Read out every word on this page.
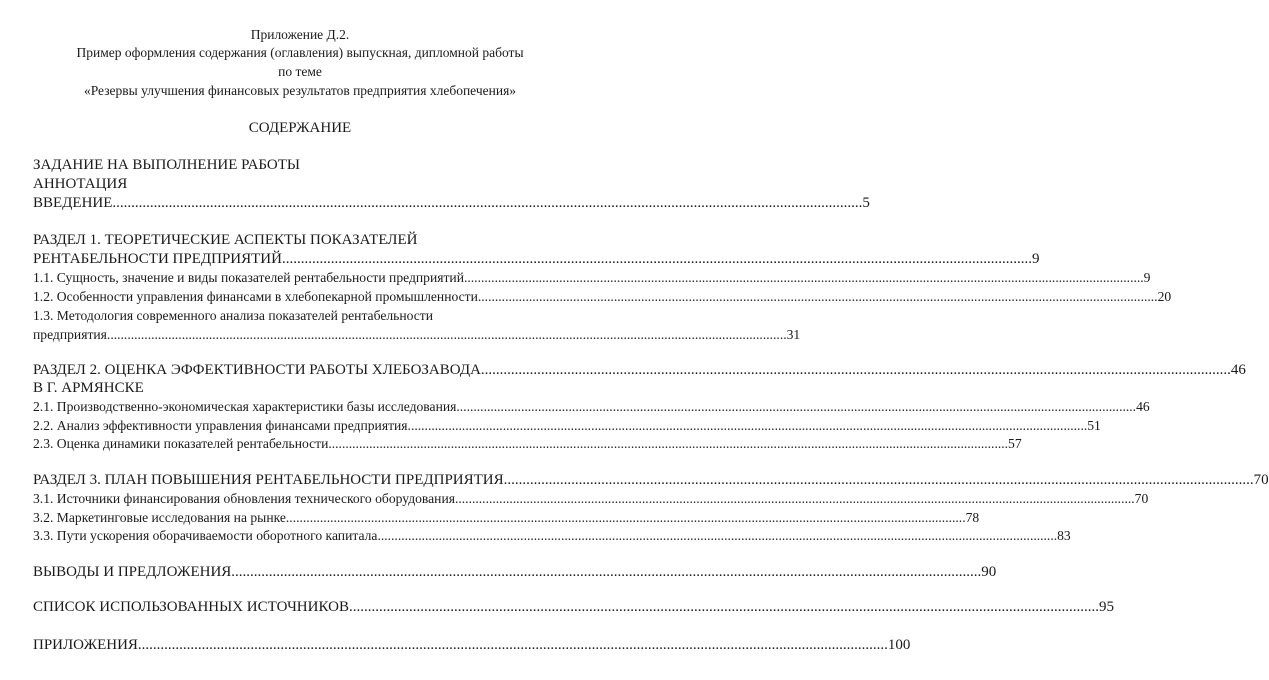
Приложение Д.2.
Пример оформления содержания (оглавления) выпускная, дипломной работы
по теме
«Резервы улучшения финансовых результатов предприятия хлебопечения»
СОДЕРЖАНИЕ
ЗАДАНИЕ НА ВЫПОЛНЕНИЕ РАБОТЫ
АННОТАЦИЯ
ВВЕДЕНИЕ ........................................................................................................................................................................................................ 5
РАЗДЕЛ 1. ТЕОРЕТИЧЕСКИЕ АСПЕКТЫ ПОКАЗАТЕЛЕЙ
РЕНТАБЕЛЬНОСТИ ПРЕДПРИЯТИЙ ........................................................................................................................................................................................................ 9
1.1. Сущность, значение и виды показателей рентабельности предприятий ........................................................................................................................................................................................................ 9
1.2. Особенности управления финансами в хлебопекарной промышленности ........................................................................................................................................................................................................ 20
1.3. Методология современного анализа показателей рентабельности
предприятия ........................................................................................................................................................................................................ 31
РАЗДЕЛ 2. ОЦЕНКА ЭФФЕКТИВНОСТИ РАБОТЫ ХЛЕБОЗАВОДА ........................................................................................................................................................................................................ 46
В Г. АРМЯНСКЕ
2.1. Производственно-экономическая характеристики базы исследования ........................................................................................................................................................................................................ 46
2.2. Анализ эффективности управления финансами предприятия ........................................................................................................................................................................................................ 51
2.3. Оценка динамики показателей рентабельности ........................................................................................................................................................................................................ 57
РАЗДЕЛ 3. ПЛАН ПОВЫШЕНИЯ РЕНТАБЕЛЬНОСТИ ПРЕДПРИЯТИЯ ........................................................................................................................................................................................................ 70
3.1. Источники финансирования обновления технического оборудования ........................................................................................................................................................................................................ 70
3.2. Маркетинговые исследования на рынке ........................................................................................................................................................................................................ 78
3.3. Пути ускорения оборачиваемости оборотного капитала ........................................................................................................................................................................................................ 83
ВЫВОДЫ И ПРЕДЛОЖЕНИЯ ........................................................................................................................................................................................................ 90
СПИСОК ИСПОЛЬЗОВАННЫХ ИСТОЧНИКОВ ........................................................................................................................................................................................................ 95
ПРИЛОЖЕНИЯ ........................................................................................................................................................................................................ 100
